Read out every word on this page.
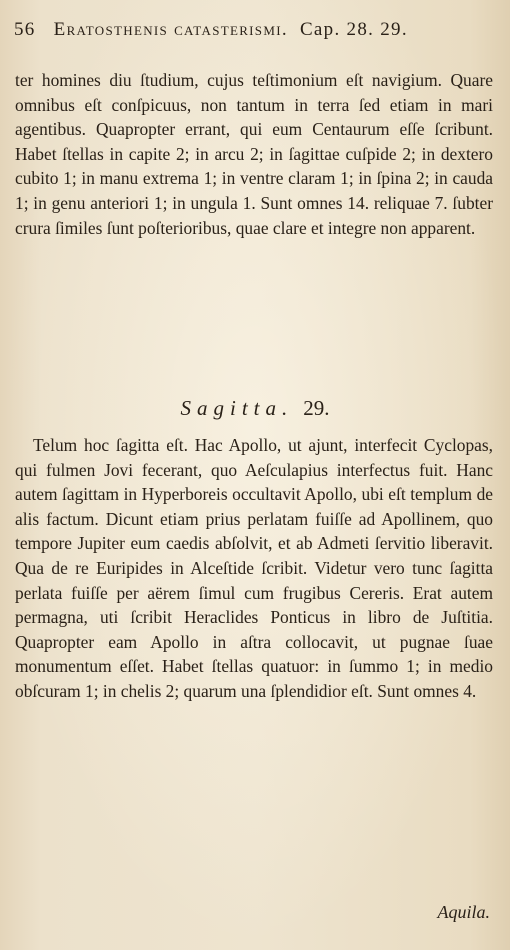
56 Eratosthenis catasterismi. Cap. 28. 29.

ter homines diu ſtudium, cujus teſtimonium eſt navigium. Quare omnibus eſt conſpicuus, non tantum in terra ſed etiam in mari agentibus. Quapropter errant, qui eum Centaurum eſſe ſcribunt. Habet ſtellas in capite 2; in arcu 2; in ſagittae cuſpide 2; in dextero cubito 1; in manu extrema 1; in ventre claram 1; in ſpina 2; in cauda 1; in genu anteriori 1; in ungula 1. Sunt omnes 14. reliquae 7. ſubter crura ſimiles ſunt poſterioribus, quae clare et integre non apparent.

Sagitta. 29.

Telum hoc ſagitta eſt. Hac Apollo, ut ajunt, interfecit Cyclopas, qui fulmen Jovi fecerant, quo Aeſculapius interfectus fuit. Hanc autem ſagittam in Hyperboreis occultavit Apollo, ubi eſt templum de alis factum. Dicunt etiam prius perlatam fuiſſe ad Apollinem, quo tempore Jupiter eum caedis abſolvit, et ab Admeti ſervitio liberavit. Qua de re Euripides in Alceſtide ſcribit. Videtur vero tunc ſagitta perlata fuiſſe per aërem ſimul cum frugibus Cereris. Erat autem permagna, uti ſcribit Heraclides Ponticus in libro de Juſtitia. Quapropter eam Apollo in aſtra collocavit, ut pugnae ſuae monumentum eſſet. Habet ſtellas quatuor: in ſummo 1; in medio obſcuram 1; in chelis 2; quarum una ſplendidior eſt. Sunt omnes 4.

Aquila.
